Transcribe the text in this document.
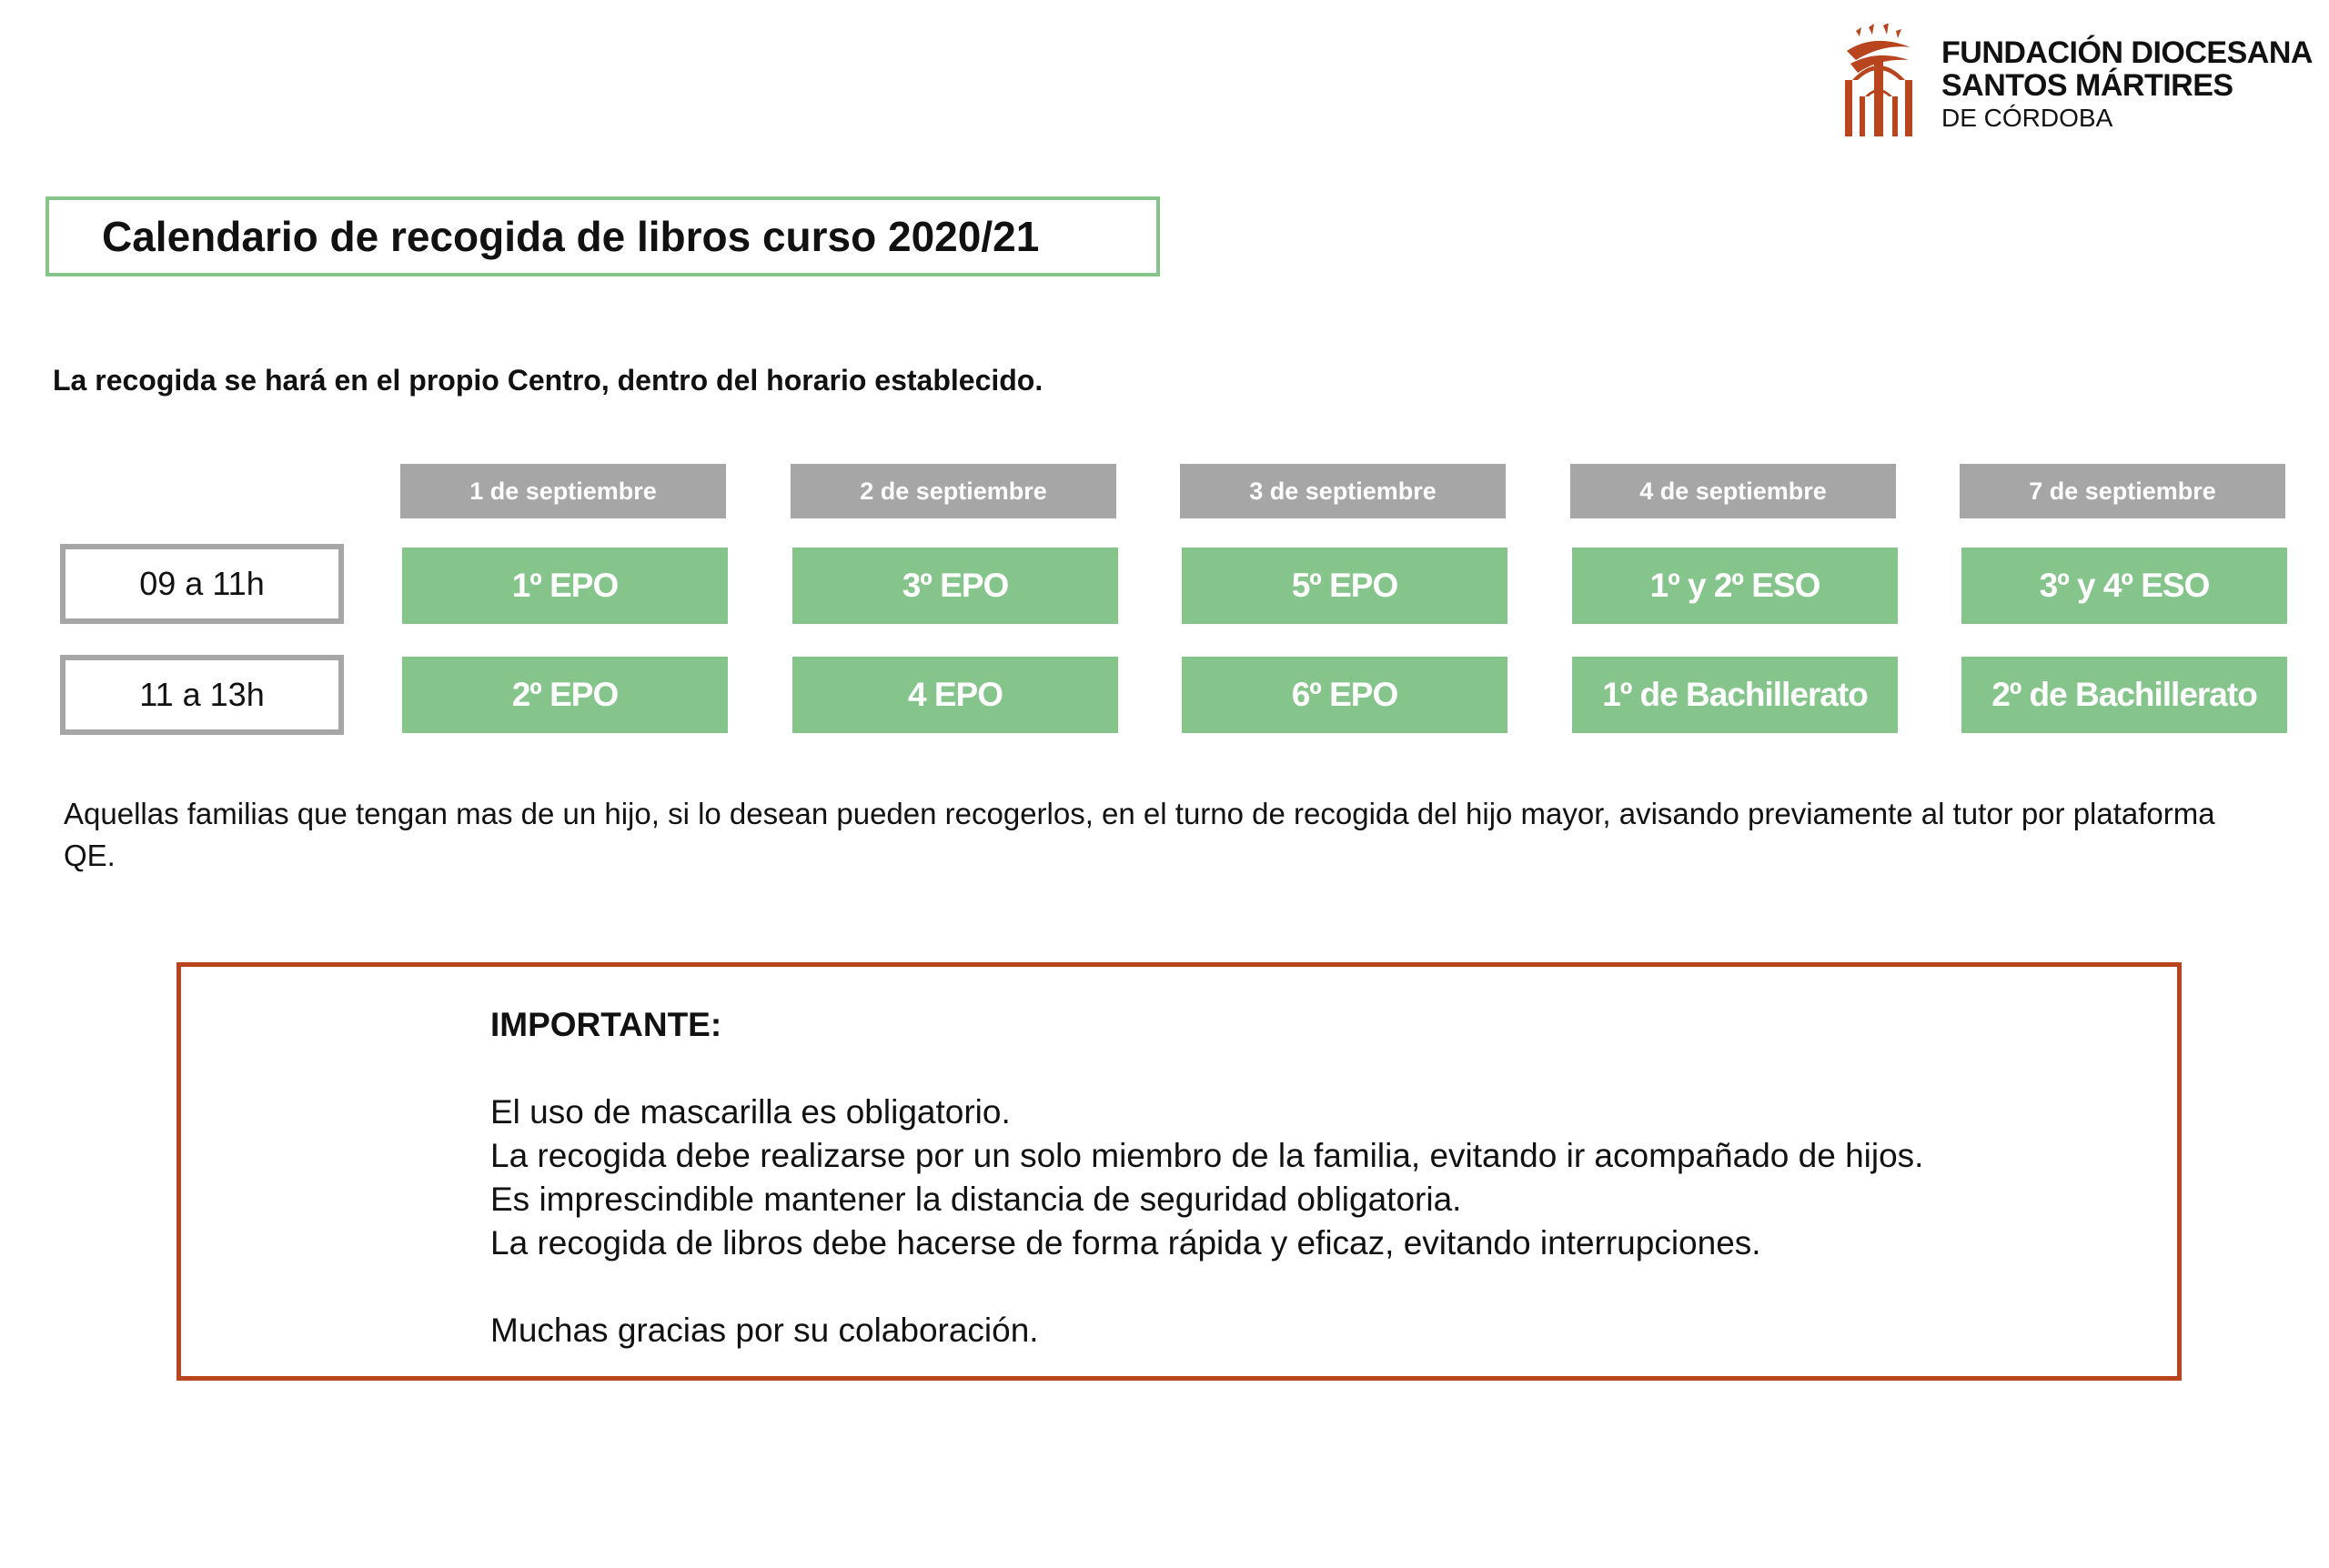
FUNDACIÓN DIOCESANA
SANTOS MÁRTIRES
DE CÓRDOBA
Calendario de recogida de libros curso 2020/21
La recogida se hará en el propio Centro, dentro del horario establecido.
1 de septiembre	2 de septiembre	3 de septiembre	4 de septiembre	7 de septiembre
09 a 11h	1º EPO	3º EPO	5º EPO	1º y 2º ESO	3º y 4º ESO
11 a 13h	2º EPO	4 EPO	6º EPO	1º de Bachillerato	2º de Bachillerato
Aquellas familias que tengan mas de un hijo, si lo desean pueden recogerlos, en el turno de recogida del hijo mayor, avisando previamente al tutor por plataforma QE.
IMPORTANTE:
El uso de mascarilla es obligatorio.
La recogida debe realizarse por un solo miembro de la familia, evitando ir acompañado de hijos.
Es imprescindible mantener la distancia de seguridad obligatoria.
La recogida de libros debe hacerse de forma rápida y eficaz, evitando interrupciones.
Muchas gracias por su colaboración.
